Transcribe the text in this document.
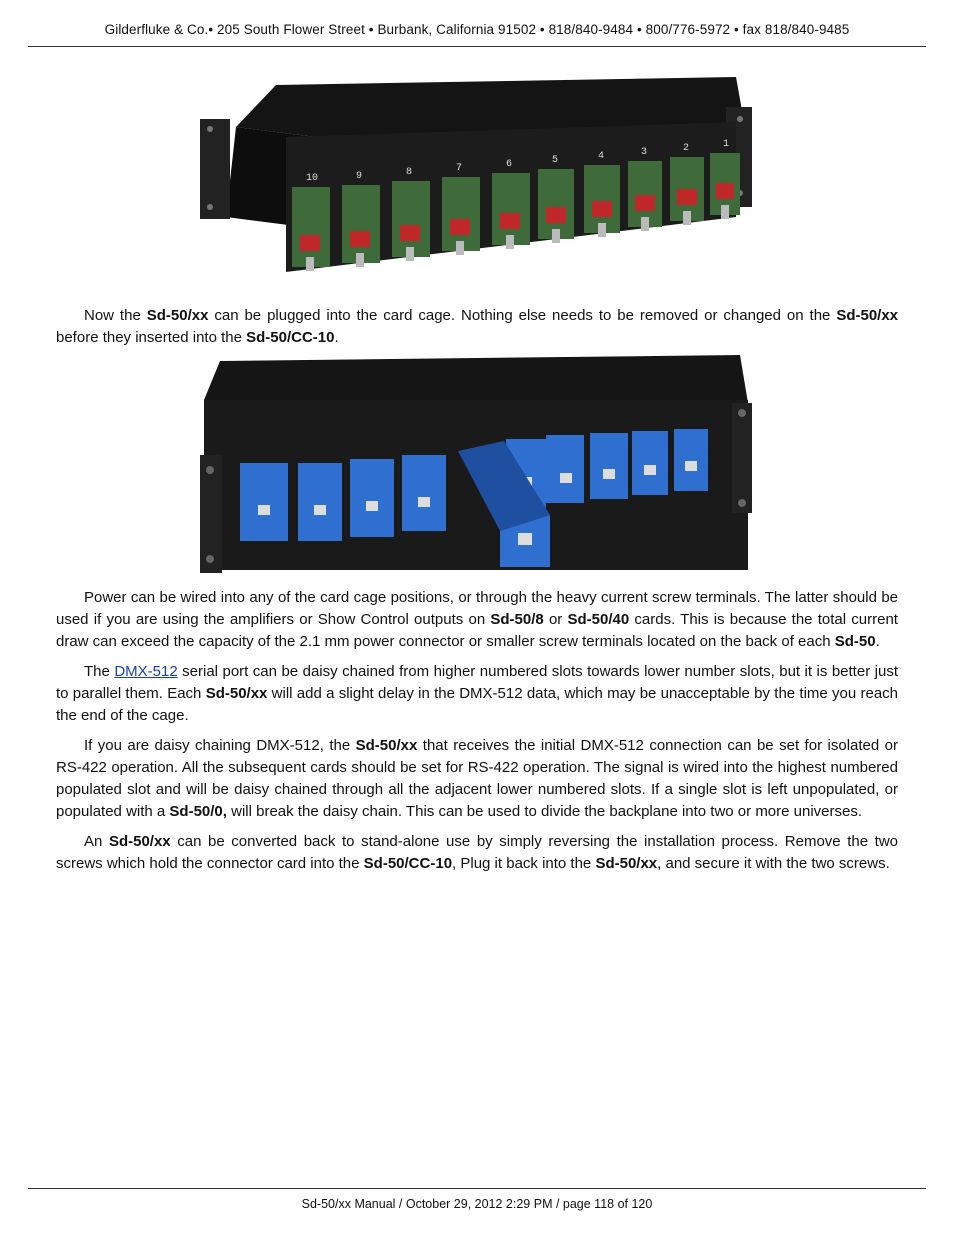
Gilderfluke & Co.• 205 South Flower Street • Burbank, California 91502 • 818/840-9484 • 800/776-5972 • fax 818/840-9485
10	9	8	7	6	5	4	3	2	1

Now the Sd-50/xx can be plugged into the card cage. Nothing else needs to be removed or changed on the Sd-50/xx before they inserted into the Sd-50/CC-10.

Power can be wired into any of the card cage positions, or through the heavy current screw terminals. The latter should be used if you are using the amplifiers or Show Control outputs on Sd-50/8 or Sd-50/40 cards. This is because the total current draw can exceed the capacity of the 2.1 mm power connector or smaller screw terminals located on the back of each Sd-50.

The DMX-512 serial port can be daisy chained from higher numbered slots towards lower number slots, but it is better just to parallel them. Each Sd-50/xx will add a slight delay in the DMX-512 data, which may be unacceptable by the time you reach the end of the cage.

If you are daisy chaining DMX-512, the Sd-50/xx that receives the initial DMX-512 connection can be set for isolated or RS-422 operation. All the subsequent cards should be set for RS-422 operation. The signal is wired into the highest numbered populated slot and will be daisy chained through all the adjacent lower numbered slots. If a single slot is left unpopulated, or populated with a Sd-50/0, will break the daisy chain. This can be used to divide the backplane into two or more universes.

An Sd-50/xx can be converted back to stand-alone use by simply reversing the installation process. Remove the two screws which hold the connector card into the Sd-50/CC-10, Plug it back into the Sd-50/xx, and secure it with the two screws.

Sd-50/xx Manual / October 29, 2012 2:29 PM / page 118 of 120
